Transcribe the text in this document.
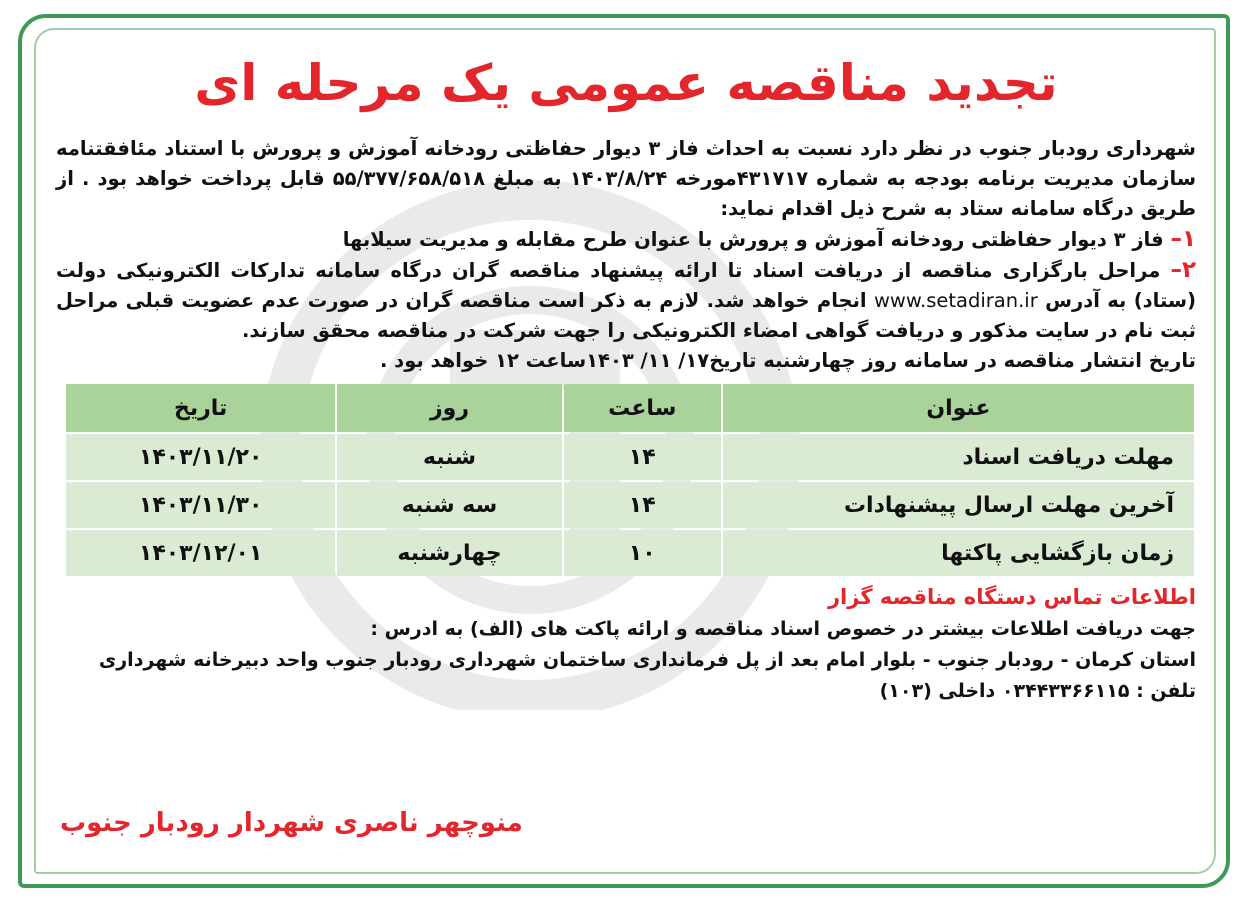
تجدید مناقصه عمومی یک مرحله ای

شهرداری رودبار جنوب در نظر دارد نسبت به احداث فاز ۳ دیوار حفاظتی رودخانه آموزش و پرورش با استناد مئافقتنامه سازمان مدیریت برنامه بودجه به شماره ۴۳۱۷۱۷مورخه ۱۴۰۳/۸/۲۴ به مبلغ ۵۵/۳۷۷/۶۵۸/۵۱۸ قابل پرداخت خواهد بود . از طریق درگاه سامانه ستاد به شرح ذیل اقدام نماید:

۱– فاز ۳ دیوار حفاظتی رودخانه آموزش و پرورش با عنوان طرح مقابله و مدیریت سیلابها

۲– مراحل بارگزاری مناقصه از دریافت اسناد تا ارائه پیشنهاد مناقصه گران درگاه سامانه تدارکات الکترونیکی دولت (ستاد) به آدرس www.setadiran.ir انجام خواهد شد. لازم به ذکر است مناقصه گران در صورت عدم عضویت قبلی مراحل ثبت نام در سایت مذکور و دریافت گواهی امضاء الکترونیکی را جهت شرکت در مناقصه محقق سازند.

تاریخ انتشار مناقصه در سامانه روز چهارشنبه تاریخ۱۷/ ۱۱/ ۱۴۰۳ساعت ۱۲ خواهد بود .

عنوان	ساعت	روز	تاریخ
مهلت دریافت اسناد	۱۴	شنبه	۱۴۰۳/۱۱/۲۰
آخرین مهلت ارسال پیشنهادات	۱۴	سه شنبه	۱۴۰۳/۱۱/۳۰
زمان بازگشایی پاکتها	۱۰	چهارشنبه	۱۴۰۳/۱۲/۰۱
اطلاعات تماس دستگاه مناقصه گزار

جهت دریافت اطلاعات بیشتر در خصوص اسناد مناقصه و ارائه پاکت های (الف) به ادرس :

استان کرمان - رودبار جنوب - بلوار امام بعد از پل فرمانداری ساختمان شهرداری رودبار جنوب واحد دبیرخانه شهرداری تلفن : ۰۳۴۴۳۳۶۶۱۱۵ داخلی (۱۰۳)

منوچهر ناصری شهردار رودبار جنوب
